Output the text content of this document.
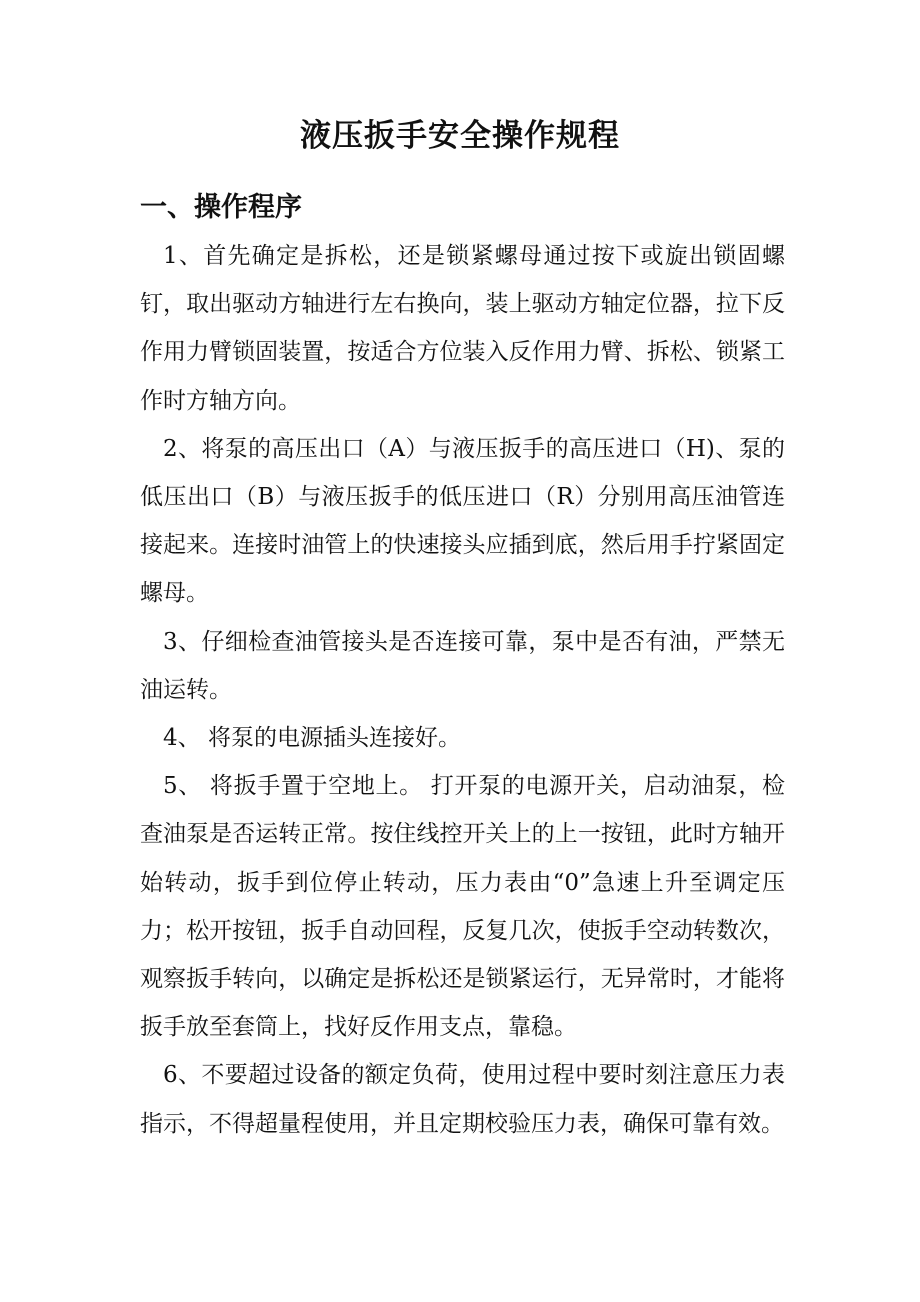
液压扳手安全操作规程
一、操作程序

1、首先确定是拆松，还是锁紧螺母通过按下或旋出锁固螺钉，取出驱动方轴进行左右换向，装上驱动方轴定位器，拉下反作用力臂锁固装置，按适合方位装入反作用力臂、拆松、锁紧工作时方轴方向。

2、将泵的高压出口（A）与液压扳手的高压进口（H)、泵的低压出口（B）与液压扳手的低压进口（R）分别用高压油管连接起来。连接时油管上的快速接头应插到底，然后用手拧紧固定螺母。

3、仔细检查油管接头是否连接可靠，泵中是否有油，严禁无油运转。

4、 将泵的电源插头连接好。

5、 将扳手置于空地上。 打开泵的电源开关，启动油泵，检查油泵是否运转正常。按住线控开关上的上一按钮，此时方轴开始转动，扳手到位停止转动，压力表由“0”急速上升至调定压力；松开按钮，扳手自动回程，反复几次，使扳手空动转数次，观察扳手转向，以确定是拆松还是锁紧运行，无异常时，才能将扳手放至套筒上，找好反作用支点，靠稳。

6、不要超过设备的额定负荷，使用过程中要时刻注意压力表指示，不得超量程使用，并且定期校验压力表，确保可靠有效。
